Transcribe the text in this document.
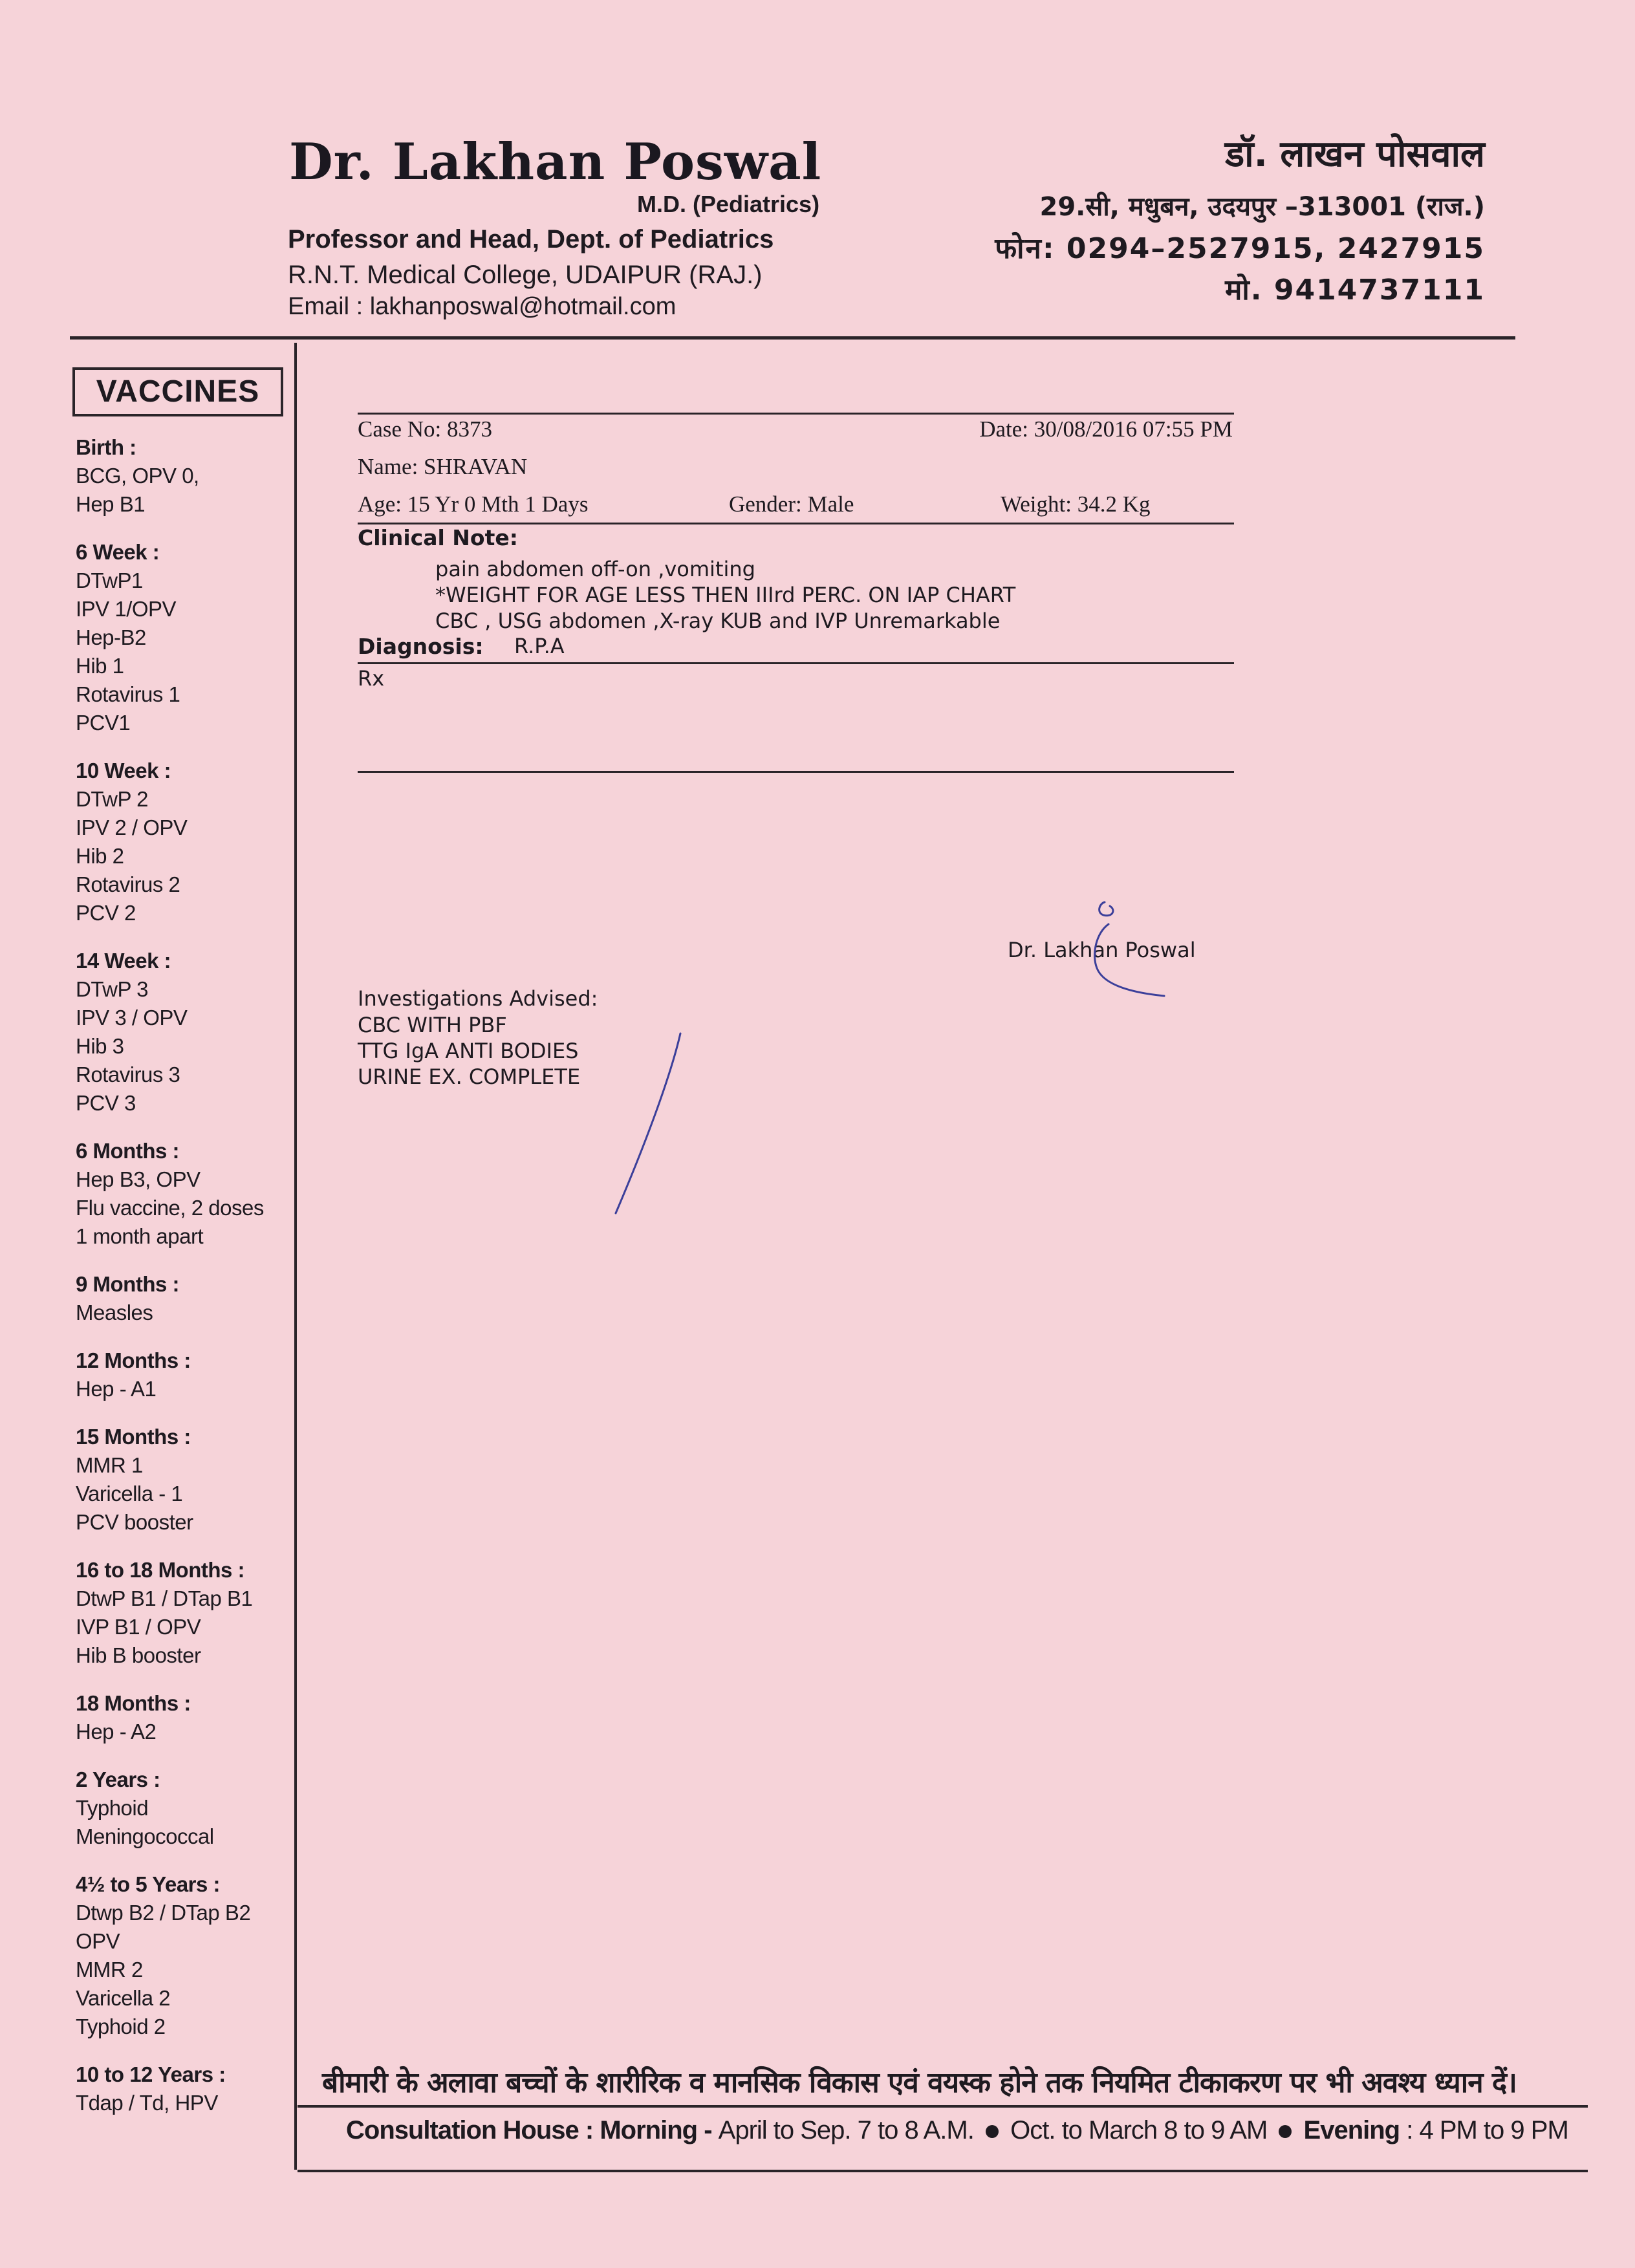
Dr. Lakhan Poswal
M.D. (Pediatrics)
Professor and Head, Dept. of Pediatrics
R.N.T. Medical College, UDAIPUR (RAJ.)
Email : lakhanposwal@hotmail.com
डॉ. लाखन पोसवाल
29.सी, मधुबन, उदयपुर –313001 (राज.)
फोन: 0294–2527915, 2427915
मो. 9414737111
VACCINES
Birth :
BCG, OPV 0,
Hep B1
6 Week :
DTwP1
IPV 1/OPV
Hep-B2
Hib 1
Rotavirus 1
PCV1
10 Week :
DTwP 2
IPV 2 / OPV
Hib 2
Rotavirus 2
PCV 2
14 Week :
DTwP 3
IPV 3 / OPV
Hib 3
Rotavirus 3
PCV 3
6 Months :
Hep B3, OPV
Flu vaccine, 2 doses
1 month apart
9 Months :
Measles
12 Months :
Hep - A1
15 Months :
MMR 1
Varicella - 1
PCV booster
16 to 18 Months :
DtwP B1 / DTap B1
IVP B1 / OPV
Hib B booster
18 Months :
Hep - A2
2 Years :
Typhoid
Meningococcal
4½ to 5 Years :
Dtwp B2 / DTap B2
OPV
MMR 2
Varicella 2
Typhoid 2
10 to 12 Years :
Tdap / Td, HPV
Case No: 8373	Date: 30/08/2016 07:55 PM
Name: SHRAVAN
Age: 15 Yr 0 Mth 1 Days	Gender: Male	Weight: 34.2 Kg
Clinical Note:
pain abdomen off-on ,vomiting
*WEIGHT FOR AGE LESS THEN IIIrd PERC. ON IAP CHART
CBC , USG abdomen ,X-ray KUB and IVP Unremarkable
Diagnosis: R.P.A
Rx
Dr. Lakhan Poswal
Investigations Advised:
CBC WITH PBF
TTG IgA ANTI BODIES
URINE EX. COMPLETE
बीमारी के अलावा बच्चों के शारीरिक व मानसिक विकास एवं वयस्क होने तक नियमित टीकाकरण पर भी अवश्य ध्यान दें।
Consultation House : Morning - April to Sep. 7 to 8 A.M. Oct. to March 8 to 9 AM Evening : 4 PM to 9 PM
